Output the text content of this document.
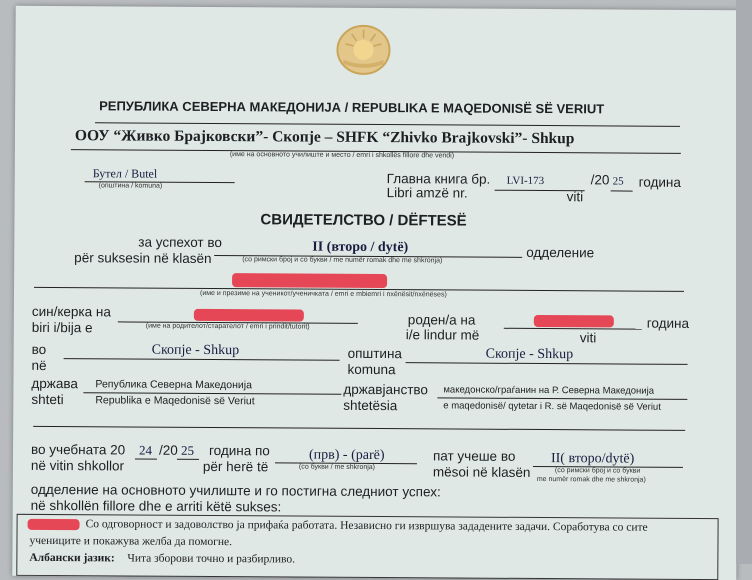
РЕПУБЛИКА СЕВЕРНА МАКЕДОНИЈА / REPUBLIKA E MAQEDONISË SË VERIUT
ООУ “Живко Брајковски”- Скопје – SHFK “Zhivko Brajkovski”- Shkup
(име на основното училиште и место / emri i shkollës fillore dhe vendi)
Бутел / Butel
(општина / komuna)	Главна книга бр.
Libri amzë nr.
LVI-173	/20 25 година
viti
СВИДЕТЕЛСТВО / DËFTESË
за успехот во
për suksesin në klasën
II (второ / dytë)
(со римски број и со букви / me numër romak dhe me shkronja)	одделение
(име и презиме на ученикот/ученичката / emri e mbiemri i nxënësit/nxënëses)
син/керка на
biri i/bija e	(име на родителот/старателот / emri i prindit/tutorit)	роден/а на
i/e lindur më
година
viti
во
në
Скопје - Shkup	општина
komuna
Скопје - Shkup
држава
shteti
Република Северна Македонија
Republika e Maqedonisë së Veriut
државјанство
shtetësia
македонско/граѓанин на Р. Северна Македонија
e maqedonisë/ qytetar i R. së Maqedonisë së Veriut
во учебната 20
në vitin shkollor
24 /20 25 година по
për herë të
(прв) - (parë)
(со букви / me shkronja)
пат учеше во
mësoi në klasën
II( второ/dytë)
(со римски број и со букви
me numër romak dhe me shkronja)
одделение на основното училиште и го постигна следниот успех:
në shkollën fillore dhe e arriti këtë sukses:
Со одговорност и задоволство ја прифаќа работата. Независно ги извршува зададените задачи. Соработува со сите
учениците и покажува желба да помогне.
Албански јазик: Чита зборови точно и разбирливо.
